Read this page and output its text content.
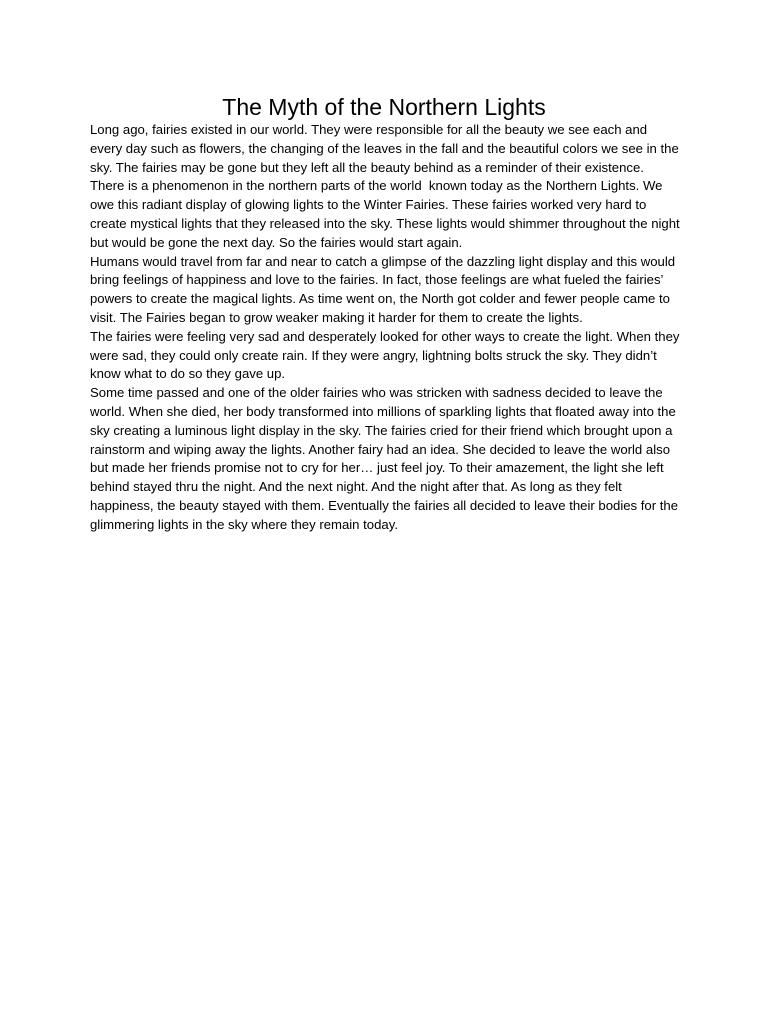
The Myth of the Northern Lights

Long ago, fairies existed in our world. They were responsible for all the beauty we see each and every day such as flowers, the changing of the leaves in the fall and the beautiful colors we see in the sky. The fairies may be gone but they left all the beauty behind as a reminder of their existence.

There is a phenomenon in the northern parts of the world  known today as the Northern Lights. We owe this radiant display of glowing lights to the Winter Fairies. These fairies worked very hard to create mystical lights that they released into the sky. These lights would shimmer throughout the night but would be gone the next day. So the fairies would start again.

Humans would travel from far and near to catch a glimpse of the dazzling light display and this would bring feelings of happiness and love to the fairies. In fact, those feelings are what fueled the fairies’ powers to create the magical lights. As time went on, the North got colder and fewer people came to visit. The Fairies began to grow weaker making it harder for them to create the lights.

The fairies were feeling very sad and desperately looked for other ways to create the light. When they were sad, they could only create rain. If they were angry, lightning bolts struck the sky. They didn’t know what to do so they gave up.

Some time passed and one of the older fairies who was stricken with sadness decided to leave the world. When she died, her body transformed into millions of sparkling lights that floated away into the sky creating a luminous light display in the sky. The fairies cried for their friend which brought upon a rainstorm and wiping away the lights. Another fairy had an idea. She decided to leave the world also but made her friends promise not to cry for her… just feel joy. To their amazement, the light she left behind stayed thru the night. And the next night. And the night after that. As long as they felt happiness, the beauty stayed with them. Eventually the fairies all decided to leave their bodies for the glimmering lights in the sky where they remain today.
